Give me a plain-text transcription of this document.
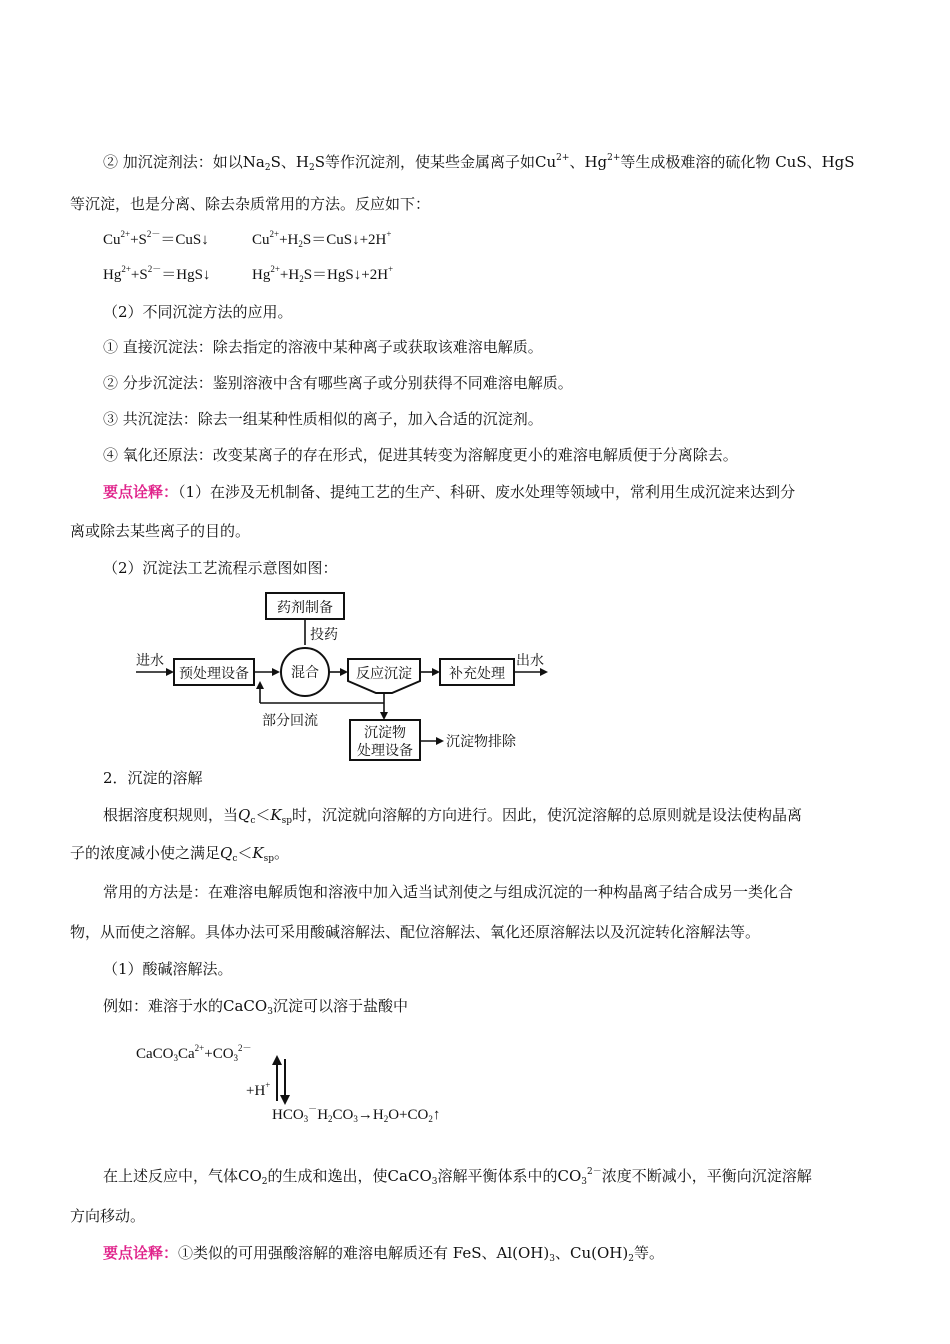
② 加沉淀剂法：如以$Na_2S$、$H_2S$等作沉淀剂，使某些金属离子如$Cu^{2+}$、$Hg^{2+}$等生成极难溶的硫化物 CuS、HgS
等沉淀，也是分离、除去杂质常用的方法。反应如下：
$Cu^{2+}+S^{2-}=CuS↓$	$Cu^{2+}+H_2S=CuS↓+2H^+$
$Hg^{2+}+S^{2-}=HgS↓$	$Hg^{2+}+H_2S=HgS↓+2H^+$
（2）不同沉淀方法的应用。
① 直接沉淀法：除去指定的溶液中某种离子或获取该难溶电解质。
② 分步沉淀法：鉴别溶液中含有哪些离子或分别获得不同难溶电解质。
③ 共沉淀法：除去一组某种性质相似的离子，加入合适的沉淀剂。
④ 氧化还原法：改变某离子的存在形式，促进其转变为溶解度更小的难溶电解质便于分离除去。
要点诠释：（1）在涉及无机制备、提纯工艺的生产、科研、废水处理等领域中，常利用生成沉淀来达到分
离或除去某些离子的目的。
（2）沉淀法工艺流程示意图如图：
药剂制备
投药
进水
预处理设备	混合	反应沉淀	补充处理
出水
部分回流
沉淀物
处理设备
沉淀物排除
2．沉淀的溶解
根据溶度积规则，当$Q_c<K_{sp}$时，沉淀就向溶解的方向进行。因此，使沉淀溶解的总原则就是设法使构晶离
子的浓度减小使之满足$Q_c<K_{sp}$。
常用的方法是：在难溶电解质饱和溶液中加入适当试剂使之与组成沉淀的一种构晶离子结合成另一类化合
物，从而使之溶解。具体办法可采用酸碱溶解法、配位溶解法、氧化还原溶解法以及沉淀转化溶解法等。
（1）酸碱溶解法。
例如：难溶于水的CaCO$_3$沉淀可以溶于盐酸中
$CaCO_3Ca^{2+}+CO_3^{2-}$
+H+
$HCO_3^-H_2CO_3\to H_2O+CO_2↑$
在上述反应中，气体$CO_2$的生成和逸出，使CaCO$_3$溶解平衡体系中的$CO_3^{2-}$浓度不断减小，平衡向沉淀溶解
方向移动。
要点诠释：①类似的可用强酸溶解的难溶电解质还有 FeS、$Al(OH)_3$、$Cu(OH)_2$等。
